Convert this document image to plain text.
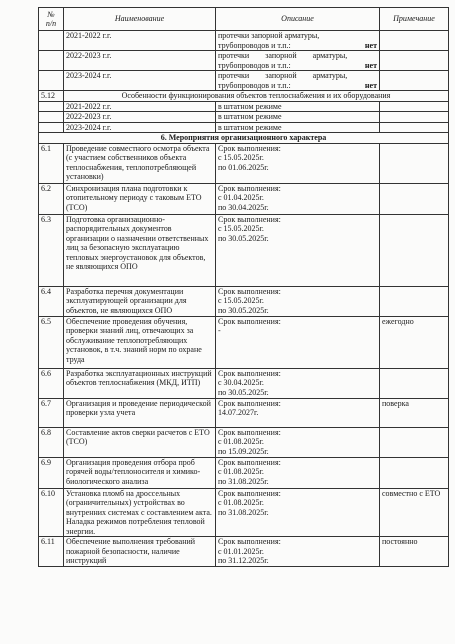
№
п/п	Наименование	Описание	Примечание
	2021-2022 г.г.	протечки запорной арматуры,
трубопроводов и т.п.: нет	

	2022-2023 г.г.	протечки        запорной        арматуры,
трубопроводов и т.п.: нет	

	2023-2024 г.г.	протечки        запорной        арматуры,
трубопроводов и т.п.: нет	

5.12	Особенности функционирования объектов теплоснабжения и их оборудования		
	2021-2022 г.г.	в штатном режиме	
	2022-2023 г.г.	в штатном режиме	
	2023-2024 г.г.	в штатном режиме	
6. Мероприятия организационного характера			
6.1	Проведение совместного осмотра объекта (с участием собственников объекта теплоснабжения, теплопотребляющей установки)	Срок выполнения:
с 15.05.2025г.
по 01.06.2025г.	

6.2	Синхронизация плана подготовки к отопительному периоду с таковым ЕТО (ТСО)	Срок выполнения:
с 01.04.2025г.
по 30.04.2025г.	

6.3	Подготовка организационно-распорядительных документов организации о назначении ответственных лиц за безопасную эксплуатацию тепловых энергоустановок для объектов, не являющихся ОПО	Срок выполнения:
с 15.05.2025г.
по 30.05.2025г.	

6.4	Разработка перечня документации эксплуатирующей организации для объектов, не являющихся ОПО	Срок выполнения:
с 15.05.2025г.
по 30.05.2025г.	

6.5	Обеспечение проведения обучения, проверки знаний лиц, отвечающих за обслуживание теплопотребляющих установок, в т.ч. знаний норм по охране труда	Срок выполнения:
-	ежегодно
6.6	Разработка эксплуатационных инструкций объектов теплоснабжения (МКД, ИТП)	Срок выполнения:
с 30.04.2025г.
по 30.05.2025г.	

6.7	Организация и проведение периодической проверки узла учета	Срок выполнения:
14.07.2027г.	поверка
6.8	Составление актов сверки расчетов с ЕТО (ТСО)	Срок выполнения:
с 01.08.2025г.
по 15.09.2025г.	

6.9	Организация проведения отбора проб горячей воды/теплоносителя и химико-биологического анализа	Срок выполнения:
с 01.08.2025г.
по 31.08.2025г.	

6.10	Установка пломб на дроссельных (ограничительных) устройствах во внутренних системах с составлением акта. Наладка режимов потребления тепловой энергии.	Срок выполнения:
с 01.08.2025г.
по 31.08.2025г.	совместно с ЕТО
6.11	Обеспечение выполнения требований пожарной безопасности, наличие инструкций	Срок выполнения:
с 01.01.2025г.
по 31.12.2025г.	постоянно
